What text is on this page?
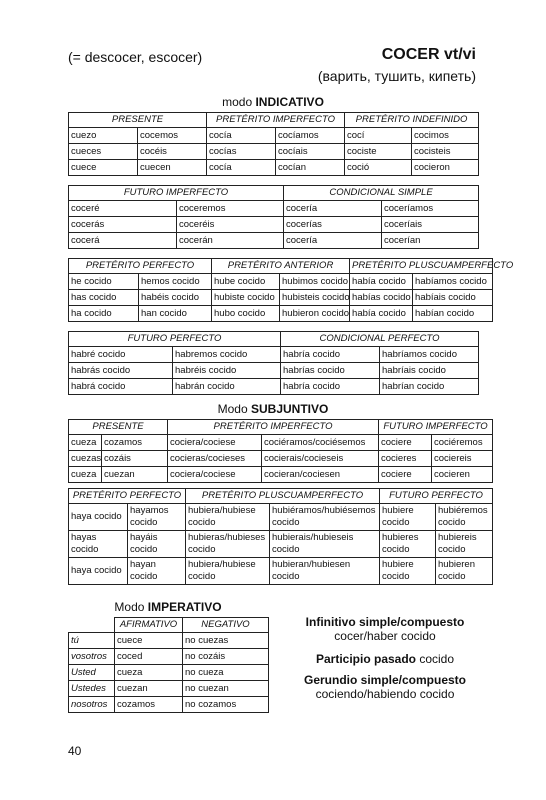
(= descocer, escocer)	COCER vt/vi
(варить, тушить, кипеть)
modo INDICATIVO
PRESENTE		PRETÉRITO IMPERFECTO		PRETÉRITO INDEFINIDO	
cuezo	cocemos	cocía	cocíamos	cocí	cocimos
cueces	cocéis	cocías	cocíais	cociste	cocisteis
cuece	cuecen	cocía	cocían	coció	cocieron
FUTURO IMPERFECTO		CONDICIONAL SIMPLE	
coceré	coceremos	cocería	coceríamos
cocerás	coceréis	cocerías	coceríais
cocerá	cocerán	cocería	cocerían
PRETÉRITO PERFECTO		PRETÉRITO ANTERIOR		PRETÉRITO PLUSCUAMPERFECTO	
he cocido	hemos cocido	hube cocido	hubimos cocido	había cocido	habíamos cocido
has cocido	habéis cocido	hubiste cocido	hubisteis cocido	habías cocido	habíais cocido
ha cocido	han cocido	hubo cocido	hubieron cocido	había cocido	habían cocido
FUTURO PERFECTO		CONDICIONAL PERFECTO	
habré cocido	habremos cocido	habría cocido	habríamos cocido
habrás cocido	habréis cocido	habrías cocido	habríais cocido
habrá cocido	habrán cocido	habría cocido	habrían cocido
Modo SUBJUNTIVO
PRESENTE		PRETÉRITO IMPERFECTO		FUTURO IMPERFECTO	
cueza	cozamos	cociera/cociese	cociéramos/cociésemos	cociere	cociéremos
cuezas	cozáis	cocieras/cocieses	cocierais/cocieseis	cocieres	cociereis
cueza	cuezan	cociera/cociese	cocieran/cociesen	cociere	cocieren
PRETÉRITO PERFECTO		PRETÉRITO PLUSCUAMPERFECTO		FUTURO PERFECTO	
haya cocido	hayamos cocido	hubiera/hubiese cocido	hubiéramos/hubiésemos cocido	hubiere cocido	hubiéremos cocido
hayas cocido	hayáis cocido	hubieras/hubieses cocido	hubierais/hubieseis cocido	hubieres cocido	hubiereis cocido
haya cocido	hayan cocido	hubiera/hubiese cocido	hubieran/hubiesen cocido	hubiere cocido	hubieren cocido
Modo IMPERATIVO
	AFIRMATIVO	NEGATIVO
tú	cuece	no cuezas
vosotros	coced	no cozáis
Usted	cueza	no cueza
Ustedes	cuezan	no cuezan
nosotros	cozamos	no cozamos
Infinitivo simple/compuesto
cocer/haber cocido
Participio pasado cocido
Gerundio simple/compuesto
cociendo/habiendo cocido
40
